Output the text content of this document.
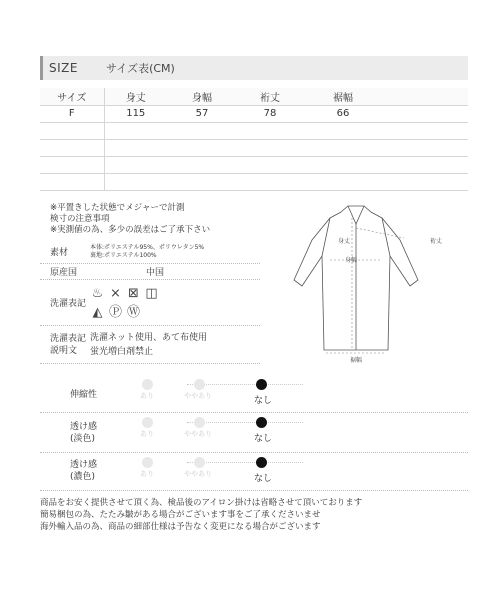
SIZE	サイズ表(CM)
サイズ	身丈	身幅	裄丈	裾幅	
F	115	57	78	66	

※平置きした状態でメジャーで計測
検寸の注意事項
※実測値の為、多少の誤差はご了承下さい
素材
本体:ポリエステル95%、ポリウレタン5%
裏地:ポリエステル100%
原産国	中国
洗濯表記
♨ ⨯ ⊠ ◫
◭ Ⓟ Ⓦ
洗濯表記
説明文
洗濯ネット使用、あて布使用
蛍光増白剤禁止
裄丈
身丈
身幅
裾幅
伸縮性	あり	ややあり	なし
透け感
(淡色)	あり	ややあり	なし
透け感
(濃色)	あり	ややあり	なし
商品をお安く提供させて頂く為、検品後のアイロン掛けは省略させて頂いております
簡易梱包の為、たたみ皺がある場合がございます事をご了承くださいませ
海外輸入品の為、商品の細部仕様は予告なく変更になる場合がございます
